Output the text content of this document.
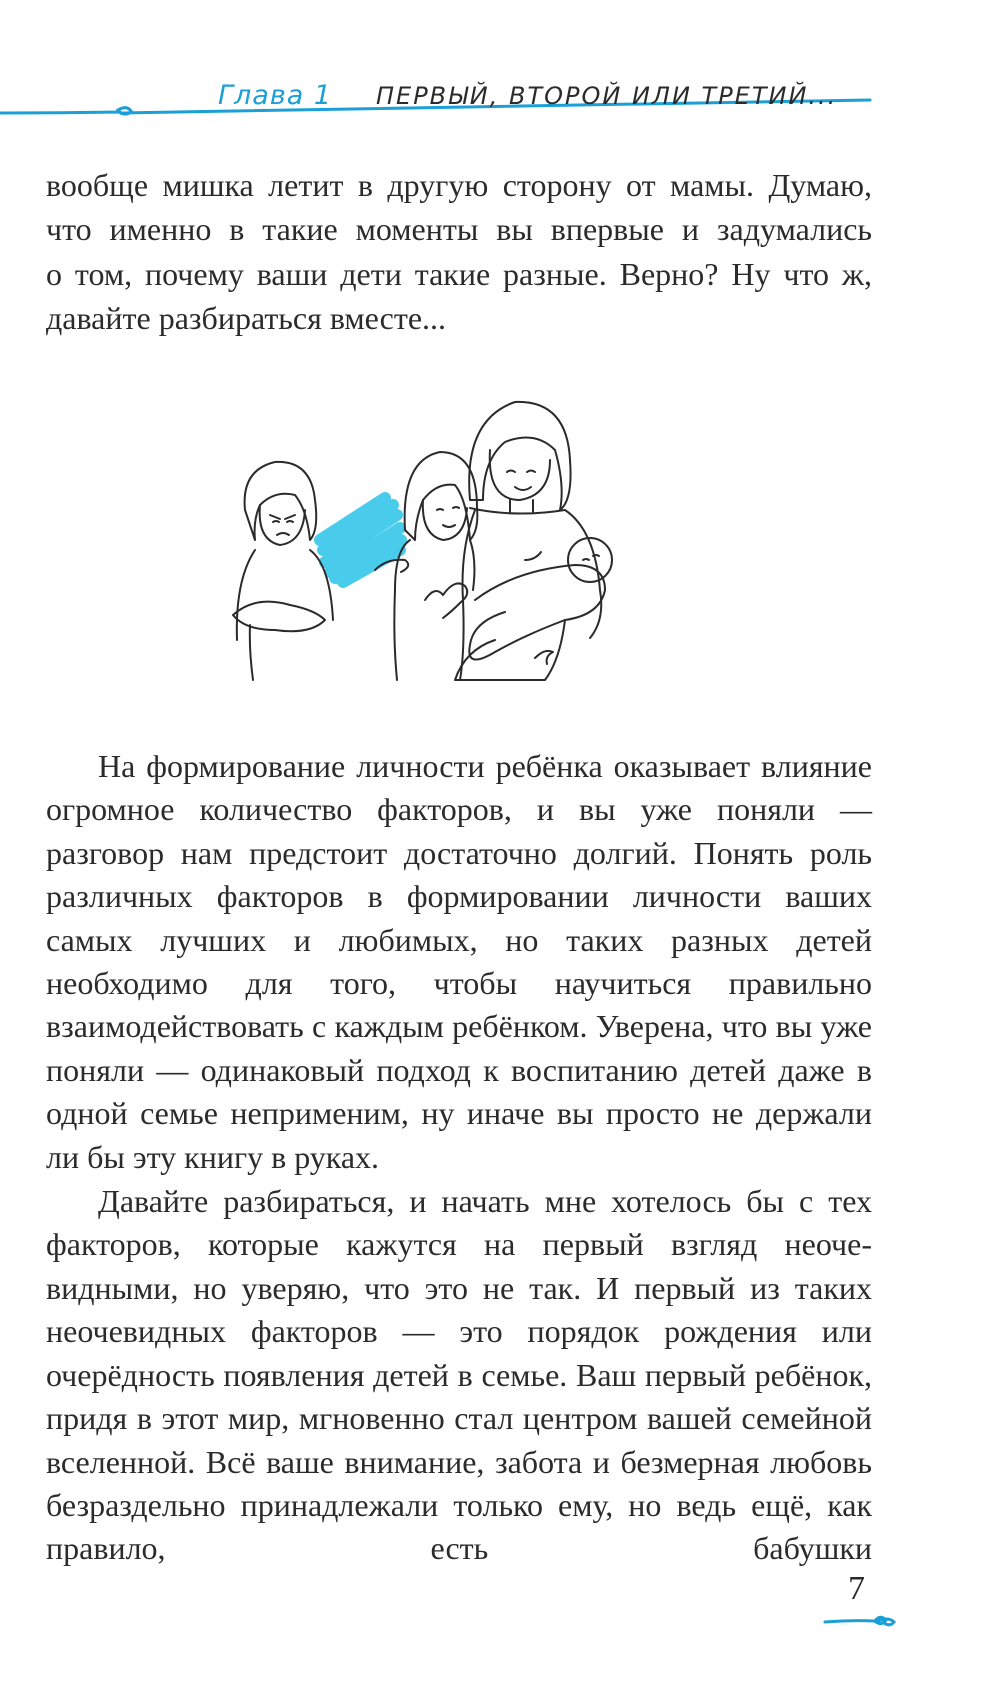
Глава 1 ПЕРВЫЙ, ВТОРОЙ ИЛИ ТРЕТИЙ...

вообще мишка летит в другую сторону от мамы. Думаю,

что именно в такие моменты вы впервые и задумались

о том, почему ваши дети такие разные. Верно? Ну что ж,

давайте разбираться вместе...

На формирование личности ребёнка оказывает влияние огромное количество факторов, и вы уже поняли — разговор нам предстоит достаточно долгий. Понять роль различных факторов в формировании личности ваших самых лучших и любимых, но таких разных детей необходимо для того, чтобы научиться правильно взаимодействовать с каждым ребёнком. Уверена, что вы уже поняли — одинаковый подход к воспитанию детей даже в одной семье неприменим, ну иначе вы просто не держали ли бы эту книгу в руках.

Давайте разбираться, и начать мне хотелось бы с тех факторов, которые кажутся на первый взгляд неочевидными, но уверяю, что это не так. И первый из таких неочевидных факторов — это порядок рождения или очерёдность появления детей в семье. Ваш первый ребёнок, придя в этот мир, мгновенно стал центром вашей семейной вселенной. Всё ваше внимание, забота и безмерная любовь безраздельно принадлежали только ему, но ведь ещё, как правило, есть бабушки

7
